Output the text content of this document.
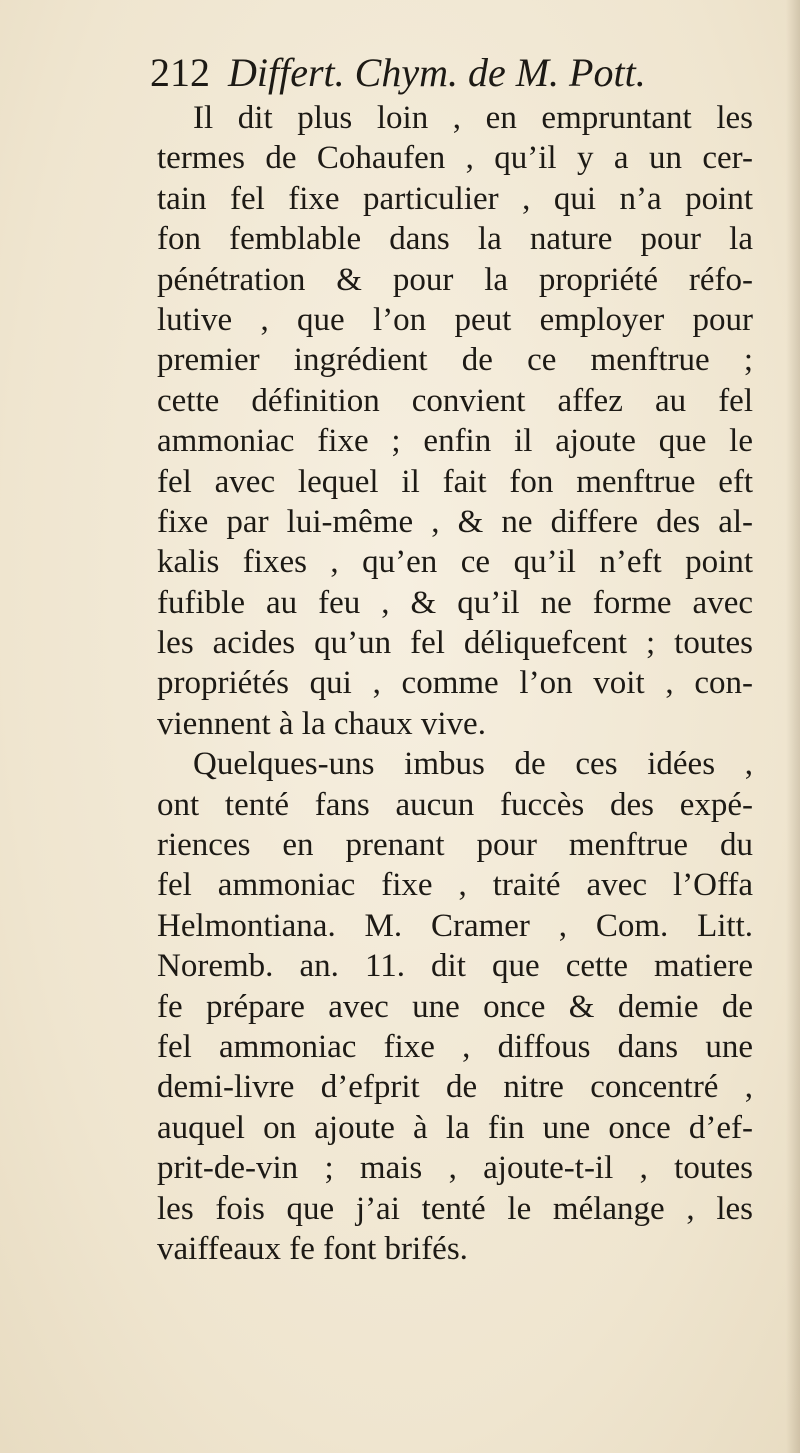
212 Differt. Chym. de M. Pott.
Il dit plus loin , en empruntant les
termes de Cohaufen , qu’il y a un cer-
tain fel fixe particulier , qui n’a point
fon femblable dans la nature pour la
pénétration & pour la propriété réfo-
lutive , que l’on peut employer pour
premier ingrédient de ce menftrue ;
cette définition convient affez au fel
ammoniac fixe ; enfin il ajoute que le
fel avec lequel il fait fon menftrue eft
fixe par lui-même , & ne differe des al-
kalis fixes , qu’en ce qu’il n’eft point
fufible au feu , & qu’il ne forme avec
les acides qu’un fel déliquefcent ; toutes
propriétés qui , comme l’on voit , con-
viennent à la chaux vive.
Quelques-uns imbus de ces idées ,
ont tenté fans aucun fuccès des expé-
riences en prenant pour menftrue du
fel ammoniac fixe , traité avec l’Offa
Helmontiana. M. Cramer , Com. Litt.
Noremb. an. 11. dit que cette matiere
fe prépare avec une once & demie de
fel ammoniac fixe , diffous dans une
demi-livre d’efprit de nitre concentré ,
auquel on ajoute à la fin une once d’ef-
prit-de-vin ; mais , ajoute-t-il , toutes
les fois que j’ai tenté le mélange , les
vaiffeaux fe font brifés.
